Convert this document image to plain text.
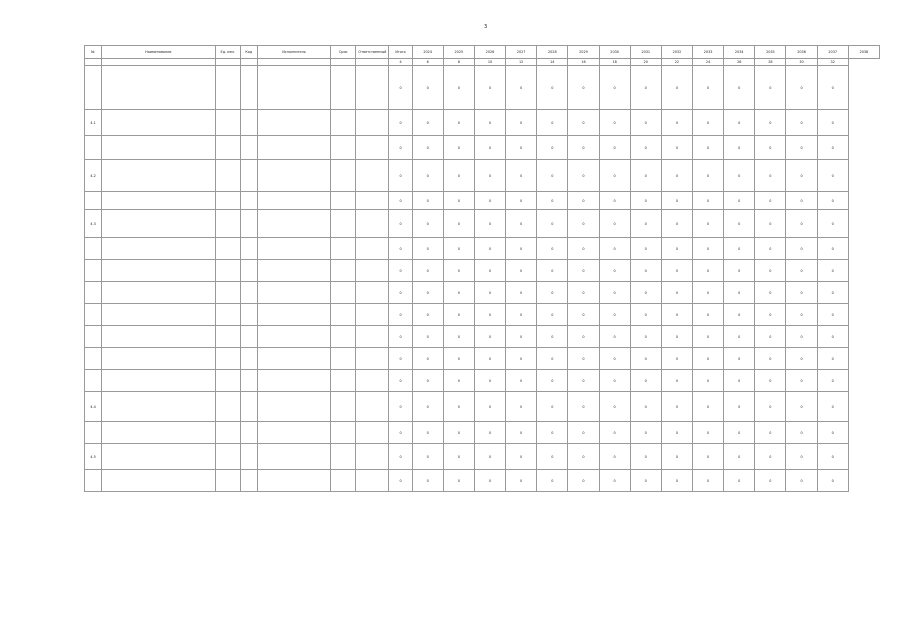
3
№	Наименование	Ед. изм.	Код	Исполнитель	Срок	Ответственный	Итого	2024	2025	2026	2027	2028	2029	2030	2031	2032	2033	2034	2035	2036	2037	2038
							4	6	8	10	12	14	16	18	20	22	24	26	28	30	32	
							0	0	0	0	0	0	0	0	0	0	0	0	0	0	0	
4.1							0	0	0	0	0	0	0	0	0	0	0	0	0	0	0	
							0	0	0	0	0	0	0	0	0	0	0	0	0	0	0	
4.2							0	0	0	0	0	0	0	0	0	0	0	0	0	0	0	
							0	0	0	0	0	0	0	0	0	0	0	0	0	0	0	
4.3							0	0	0	0	0	0	0	0	0	0	0	0	0	0	0	
							0	0	0	0	0	0	0	0	0	0	0	0	0	0	0	
							0	0	0	0	0	0	0	0	0	0	0	0	0	0	0	
							0	0	0	0	0	0	0	0	0	0	0	0	0	0	0	
							0	0	0	0	0	0	0	0	0	0	0	0	0	0	0	
							0	0	0	0	0	0	0	0	0	0	0	0	0	0	0	
							0	0	0	0	0	0	0	0	0	0	0	0	0	0	0	
							0	0	0	0	0	0	0	0	0	0	0	0	0	0	0	
4.4							0	0	0	0	0	0	0	0	0	0	0	0	0	0	0	
							0	0	0	0	0	0	0	0	0	0	0	0	0	0	0	
4.5							0	0	0	0	0	0	0	0	0	0	0	0	0	0	0	
							0	0	0	0	0	0	0	0	0	0	0	0	0	0	0	
